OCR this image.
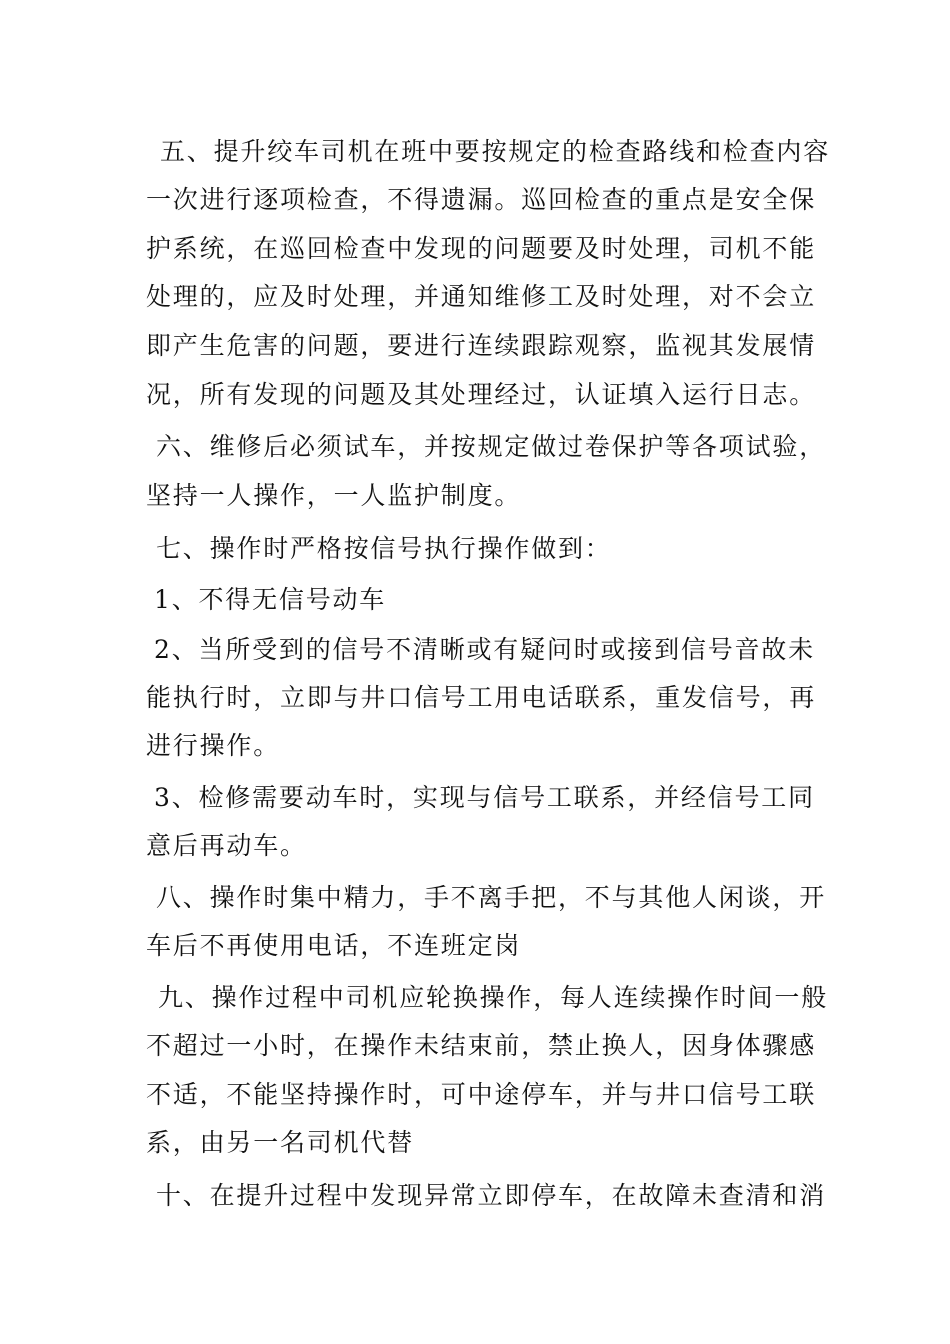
五、提升绞车司机在班中要按规定的检查路线和检查内容
一次进行逐项检查，不得遗漏。巡回检查的重点是安全保
护系统，在巡回检查中发现的问题要及时处理，司机不能
处理的，应及时处理，并通知维修工及时处理，对不会立
即产生危害的问题，要进行连续跟踪观察，监视其发展情
况，所有发现的问题及其处理经过，认证填入运行日志。
六、维修后必须试车，并按规定做过卷保护等各项试验，
坚持一人操作，一人监护制度。
七、操作时严格按信号执行操作做到：
1、不得无信号动车
2、当所受到的信号不清晰或有疑问时或接到信号音故未
能执行时，立即与井口信号工用电话联系，重发信号，再
进行操作。
3、检修需要动车时，实现与信号工联系，并经信号工同
意后再动车。
八、操作时集中精力，手不离手把，不与其他人闲谈，开
车后不再使用电话，不连班定岗
九、操作过程中司机应轮换操作，每人连续操作时间一般
不超过一小时，在操作未结束前，禁止换人，因身体骤感
不适，不能坚持操作时，可中途停车，并与井口信号工联
系，由另一名司机代替
十、在提升过程中发现异常立即停车，在故障未查清和消
